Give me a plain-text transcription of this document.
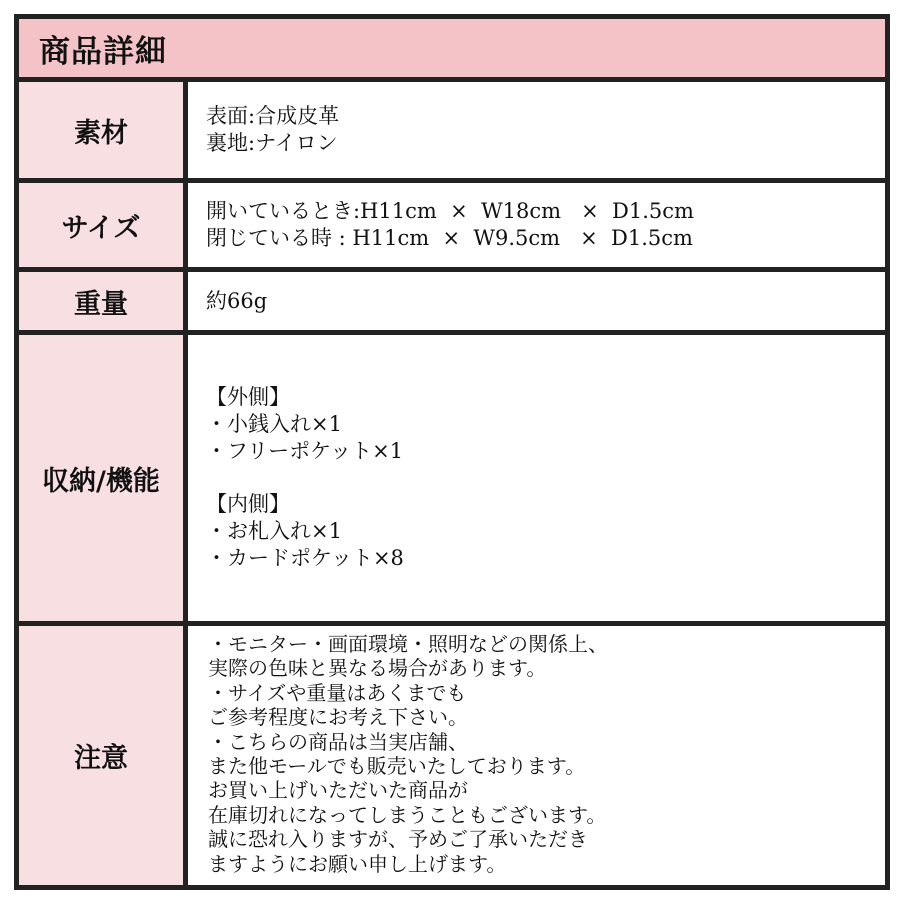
商品詳細
素材
表面:合成皮革
裏地:ナイロン
サイズ
開いているとき:H11cm  ×  W18cm   ×  D1.5cm
閉じている時 : H11cm  ×  W9.5cm   ×  D1.5cm
重量	約66g
収納/機能
【外側】
・小銭入れ×1
・フリーポケット×1
【内側】
・お札入れ×1
・カードポケット×8
注意
・モニター・画面環境・照明などの関係上、
実際の色味と異なる場合があります。
・サイズや重量はあくまでも
ご参考程度にお考え下さい。
・こちらの商品は当実店舗、
また他モールでも販売いたしております。
お買い上げいただいた商品が
在庫切れになってしまうこともございます。
誠に恐れ入りますが、予めご了承いただき
ますようにお願い申し上げます。
